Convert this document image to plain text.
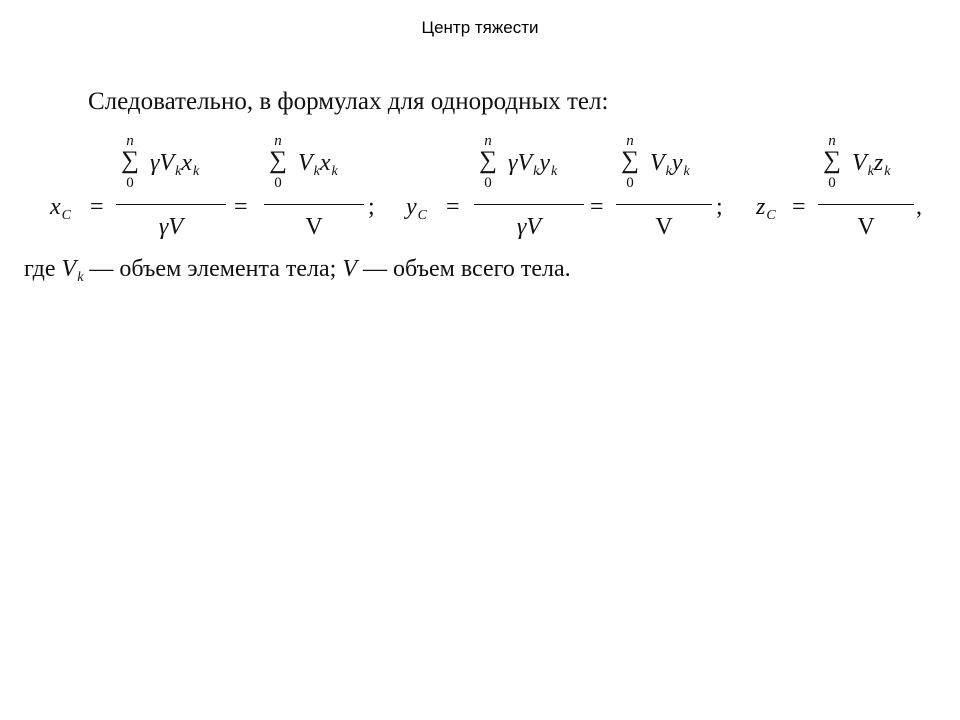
Центр тяжести
Следовательно, в формулах для однородных тел:
$x_C$ =
n
∑
0
$\gamma V_kx_k$
γV
=
n
∑
0
$V_kx_k$
V
; $y_C$ =
n
∑
0
$\gamma V_ky_k$
γV
=
n
∑
0
$V_ky_k$
V
; $z_C$ =
n
∑
0
$V_kz_k$
V
,
где $V_k$ — объем элемента тела; V — объем всего тела.
